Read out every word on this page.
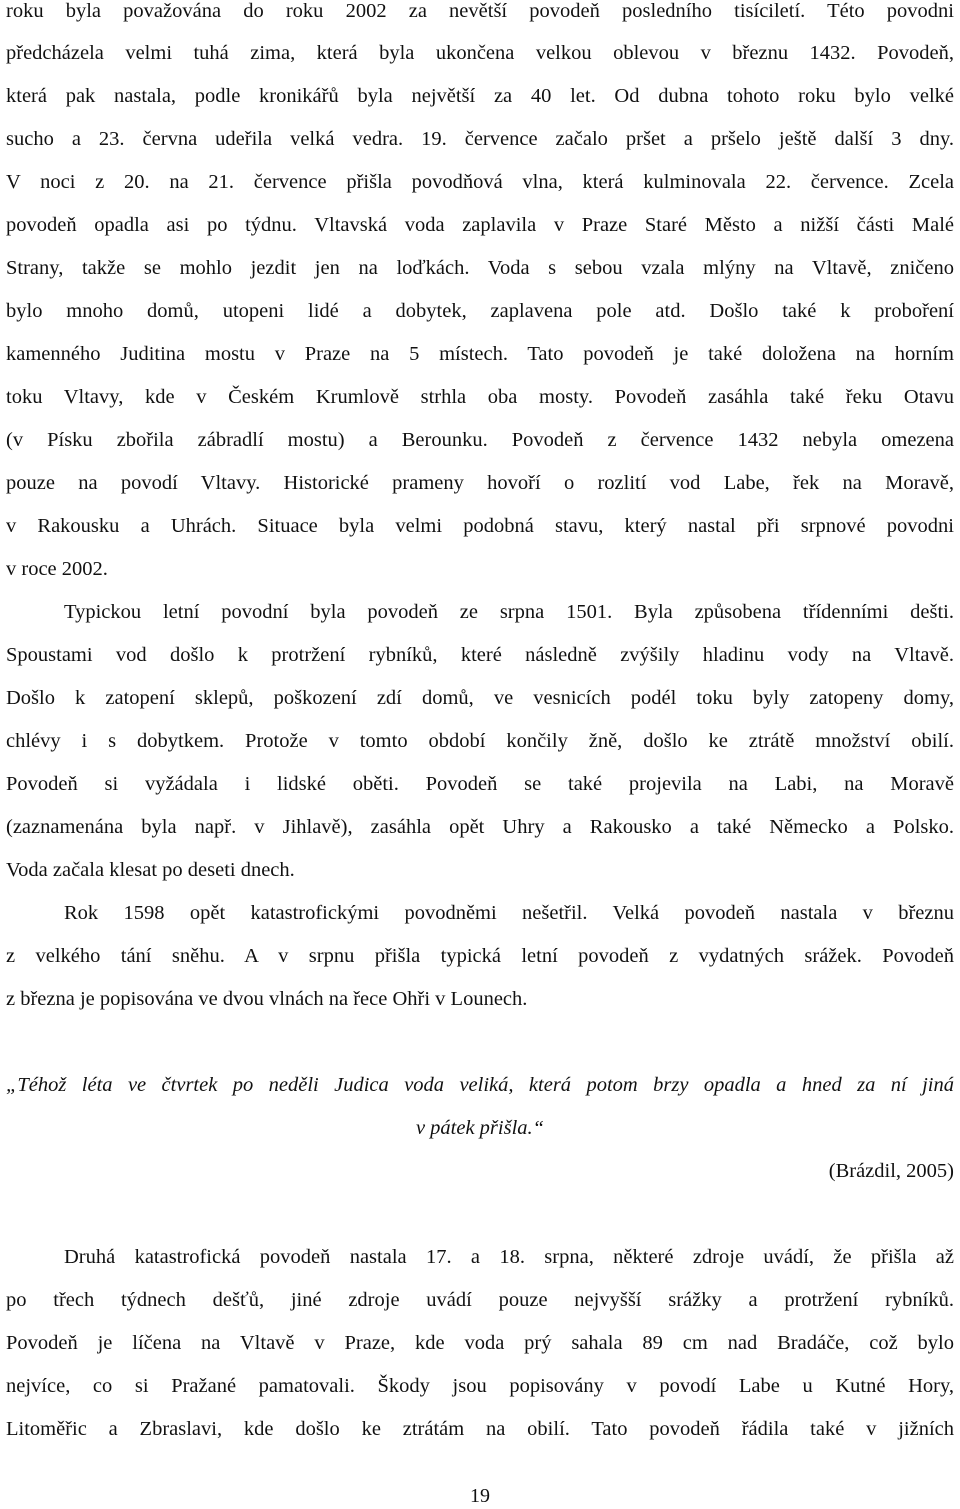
roku byla považována do roku 2002 za nevětší povodeň posledního tisíciletí. Této povodni
předcházela velmi tuhá zima, která byla ukončena velkou oblevou v březnu 1432. Povodeň,
která pak nastala, podle kronikářů byla největší za 40 let. Od dubna tohoto roku bylo velké
sucho a 23. června udeřila velká vedra. 19. července začalo pršet a pršelo ještě další 3 dny.
V noci z 20. na 21. července přišla povodňová vlna, která kulminovala 22. července. Zcela
povodeň opadla asi po týdnu. Vltavská voda zaplavila v Praze Staré Město a nižší části Malé
Strany, takže se mohlo jezdit jen na loďkách. Voda s sebou vzala mlýny na Vltavě, zničeno
bylo mnoho domů, utopeni lidé a dobytek, zaplavena pole atd. Došlo také k proboření
kamenného Juditina mostu v Praze na 5 místech. Tato povodeň je také doložena na horním
toku Vltavy, kde v Českém Krumlově strhla oba mosty. Povodeň zasáhla také řeku Otavu
(v Písku zbořila zábradlí mostu) a Berounku. Povodeň z července 1432 nebyla omezena
pouze na povodí Vltavy. Historické prameny hovoří o rozlití vod Labe, řek na Moravě,
v Rakousku a Uhrách. Situace byla velmi podobná stavu, který nastal při srpnové povodni
v roce 2002.
Typickou letní povodní byla povodeň ze srpna 1501. Byla způsobena třídenními dešti.
Spoustami vod došlo k protržení rybníků, které následně zvýšily hladinu vody na Vltavě.
Došlo k zatopení sklepů, poškození zdí domů, ve vesnicích podél toku byly zatopeny domy,
chlévy i s dobytkem. Protože v tomto období končily žně, došlo ke ztrátě množství obilí.
Povodeň si vyžádala i lidské oběti. Povodeň se také projevila na Labi, na Moravě
(zaznamenána byla např. v Jihlavě), zasáhla opět Uhry a Rakousko a také Německo a Polsko.
Voda začala klesat po deseti dnech.
Rok 1598 opět katastrofickými povodněmi nešetřil. Velká povodeň nastala v březnu
z velkého tání sněhu. A v srpnu přišla typická letní povodeň z vydatných srážek. Povodeň
z března je popisována ve dvou vlnách na řece Ohři v Lounech.
„Téhož léta ve čtvrtek po neděli Judica voda veliká, která potom brzy opadla a hned za ní jiná
v pátek přišla.“
(Brázdil, 2005)
Druhá katastrofická povodeň nastala 17. a 18. srpna, některé zdroje uvádí, že přišla až
po třech týdnech dešťů, jiné zdroje uvádí pouze nejvyšší srážky a protržení rybníků.
Povodeň je líčena na Vltavě v Praze, kde voda prý sahala 89 cm nad Bradáče, což bylo
nejvíce, co si Pražané pamatovali. Škody jsou popisovány v povodí Labe u Kutné Hory,
Litoměřic a Zbraslavi, kde došlo ke ztrátám na obilí. Tato povodeň řádila také v jižních
19
